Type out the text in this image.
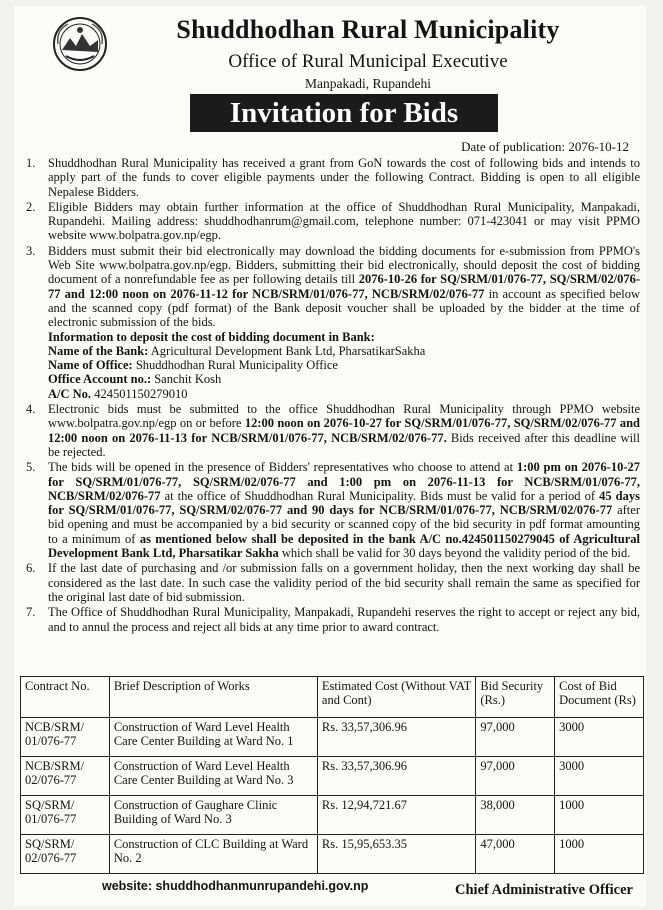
Shuddhodhan Rural Municipality
Office of Rural Municipal Executive
Manpakadi, Rupandehi
Invitation for Bids
Date of publication: 2076-10-12
1. Shuddhodhan Rural Municipality has received a grant from GoN towards the cost of following bids and intends to apply part of the funds to cover eligible payments under the following Contract. Bidding is open to all eligible Nepalese Bidders.
2. Eligible Bidders may obtain further information at the office of Shuddhodhan Rural Municipality, Manpakadi, Rupandehi. Mailing address: shuddhodhanrum@gmail.com, telephone number: 071-423041 or may visit PPMO website www.bolpatra.gov.np/egp.
3. Bidders must submit their bid electronically may download the bidding documents for e-submission from PPMO's Web Site www.bolpatra.gov.np/egp. Bidders, submitting their bid electronically, should deposit the cost of bidding document of a nonrefundable fee as per following details till 2076-10-26 for SQ/SRM/01/076-77, SQ/SRM/02/076-77 and 12:00 noon on 2076-11-12 for NCB/SRM/01/076-77, NCB/SRM/02/076-77 in account as specified below and the scanned copy (pdf format) of the Bank deposit voucher shall be uploaded by the bidder at the time of electronic submission of the bids.
Information to deposit the cost of bidding document in Bank:
Name of the Bank: Agricultural Development Bank Ltd, PharsatikarSakha
Name of Office: Shuddhodhan Rural Municipality Office
Office Account no.: Sanchit Kosh
A/C No. 424501150279010
4. Electronic bids must be submitted to the office Shuddhodhan Rural Municipality through PPMO website www.bolpatra.gov.np/egp on or before 12:00 noon on 2076-10-27 for SQ/SRM/01/076-77, SQ/SRM/02/076-77 and 12:00 noon on 2076-11-13 for NCB/SRM/01/076-77, NCB/SRM/02/076-77. Bids received after this deadline will be rejected.
5. The bids will be opened in the presence of Bidders' representatives who choose to attend at 1:00 pm on 2076-10-27 for SQ/SRM/01/076-77, SQ/SRM/02/076-77 and 1:00 pm on 2076-11-13 for NCB/SRM/01/076-77, NCB/SRM/02/076-77 at the office of Shuddhodhan Rural Municipality. Bids must be valid for a period of 45 days for SQ/SRM/01/076-77, SQ/SRM/02/076-77 and 90 days for NCB/SRM/01/076-77, NCB/SRM/02/076-77 after bid opening and must be accompanied by a bid security or scanned copy of the bid security in pdf format amounting to a minimum of as mentioned below shall be deposited in the bank A/C no.424501150279045 of Agricultural Development Bank Ltd, Pharsatikar Sakha which shall be valid for 30 days beyond the validity period of the bid.
6. If the last date of purchasing and /or submission falls on a government holiday, then the next working day shall be considered as the last date. In such case the validity period of the bid security shall remain the same as specified for the original last date of bid submission.
7. The Office of Shuddhodhan Rural Municipality, Manpakadi, Rupandehi reserves the right to accept or reject any bid, and to annul the process and reject all bids at any time prior to award contract.
Contract No.	Brief Description of Works	Estimated Cost (Without VAT and Cont)	Bid Security (Rs.)	Cost of Bid Document (Rs)
NCB/SRM/ 01/076-77	Construction of Ward Level Health Care Center Building at Ward No. 1	Rs. 33,57,306.96	97,000	3000
NCB/SRM/ 02/076-77	Construction of Ward Level Health Care Center Building at Ward No. 3	Rs. 33,57,306.96	97,000	3000
SQ/SRM/ 01/076-77	Construction of Gaughare Clinic Building of Ward No. 3	Rs. 12,94,721.67	38,000	1000
SQ/SRM/ 02/076-77	Construction of CLC Building at Ward No. 2	Rs. 15,95,653.35	47,000	1000
website: shuddhodhanmunrupandehi.gov.np	Chief Administrative Officer
